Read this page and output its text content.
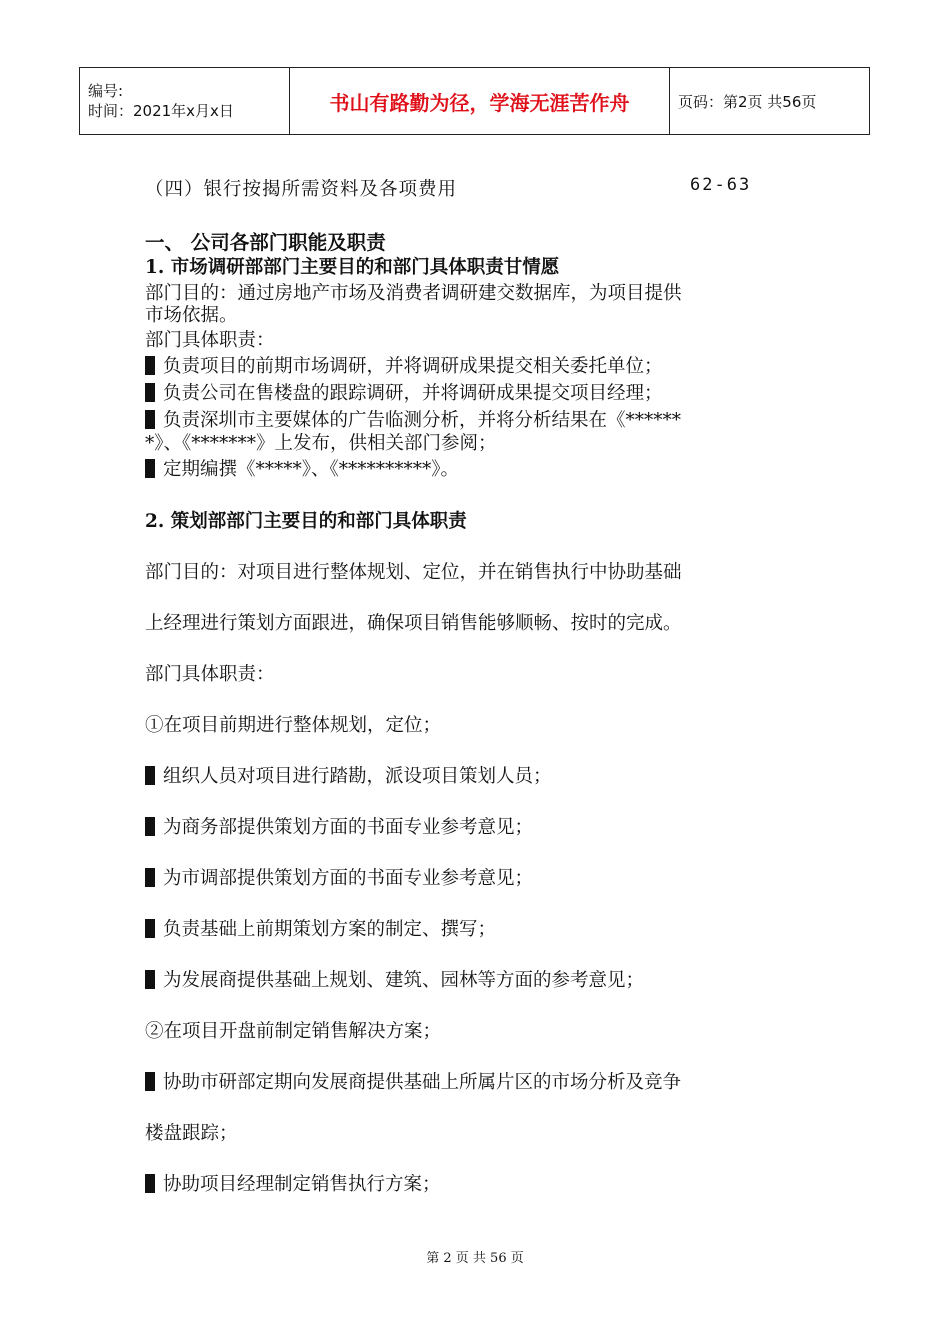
编号:
时间：2021年x月x日	书山有路勤为径，学海无涯苦作舟	页码：第2页 共56页
（四）银行按揭所需资料及各项费用	62-63
一、 公司各部门职能及职责
1. 市场调研部部门主要目的和部门具体职责甘情愿
部门目的：通过房地产市场及消费者调研建交数据库，为项目提供
市场依据。
部门具体职责：
负责项目的前期市场调研，并将调研成果提交相关委托单位；
负责公司在售楼盘的跟踪调研，并将调研成果提交项目经理；
负责深圳市主要媒体的广告临测分析，并将分析结果在《******
*》、《*******》上发布，供相关部门参阅；
定期编撰《*****》、《**********》。
2. 策划部部门主要目的和部门具体职责
部门目的：对项目进行整体规划、定位，并在销售执行中协助基础
上经理进行策划方面跟进，确保项目销售能够顺畅、按时的完成。
部门具体职责：
①在项目前期进行整体规划，定位；
组织人员对项目进行踏勘，派设项目策划人员；
为商务部提供策划方面的书面专业参考意见；
为市调部提供策划方面的书面专业参考意见；
负责基础上前期策划方案的制定、撰写；
为发展商提供基础上规划、建筑、园林等方面的参考意见；
②在项目开盘前制定销售解决方案；
协助市研部定期向发展商提供基础上所属片区的市场分析及竞争
楼盘跟踪；
协助项目经理制定销售执行方案；
第 2 页 共 56 页
